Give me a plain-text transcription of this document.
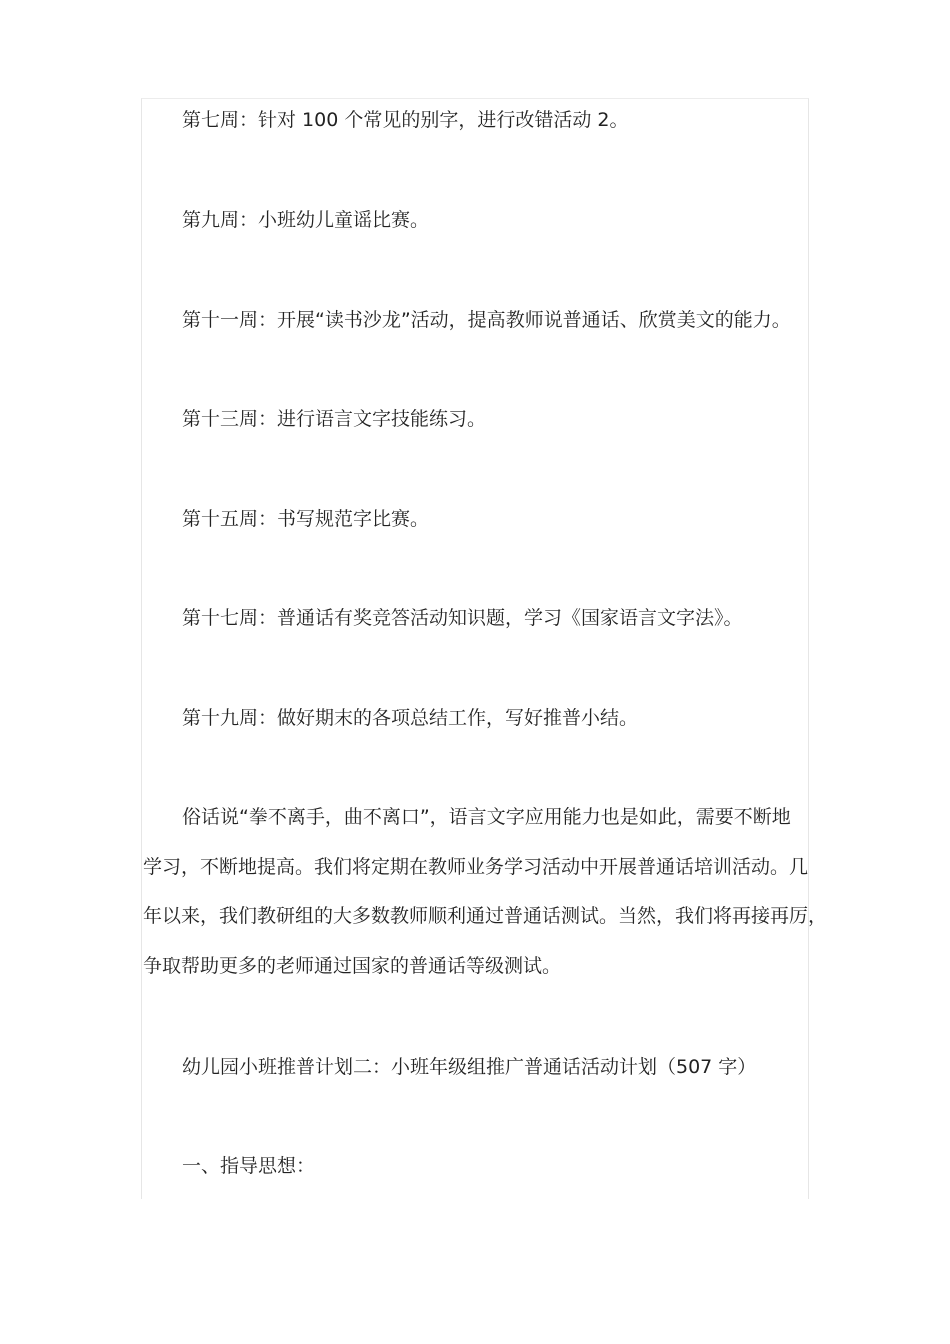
第七周：针对 100 个常见的别字，进行改错活动 2。
第九周：小班幼儿童谣比赛。
第十一周：开展“读书沙龙”活动，提高教师说普通话、欣赏美文的能力。
第十三周：进行语言文字技能练习。
第十五周：书写规范字比赛。
第十七周：普通话有奖竞答活动知识题，学习《国家语言文字法》。
第十九周：做好期末的各项总结工作，写好推普小结。
俗话说“拳不离手，曲不离口”，语言文字应用能力也是如此，需要不断地
学习，不断地提高。我们将定期在教师业务学习活动中开展普通话培训活动。几
年以来，我们教研组的大多数教师顺利通过普通话测试。当然，我们将再接再厉，
争取帮助更多的老师通过国家的普通话等级测试。
幼儿园小班推普计划二：小班年级组推广普通话活动计划（507 字）
一、指导思想：
